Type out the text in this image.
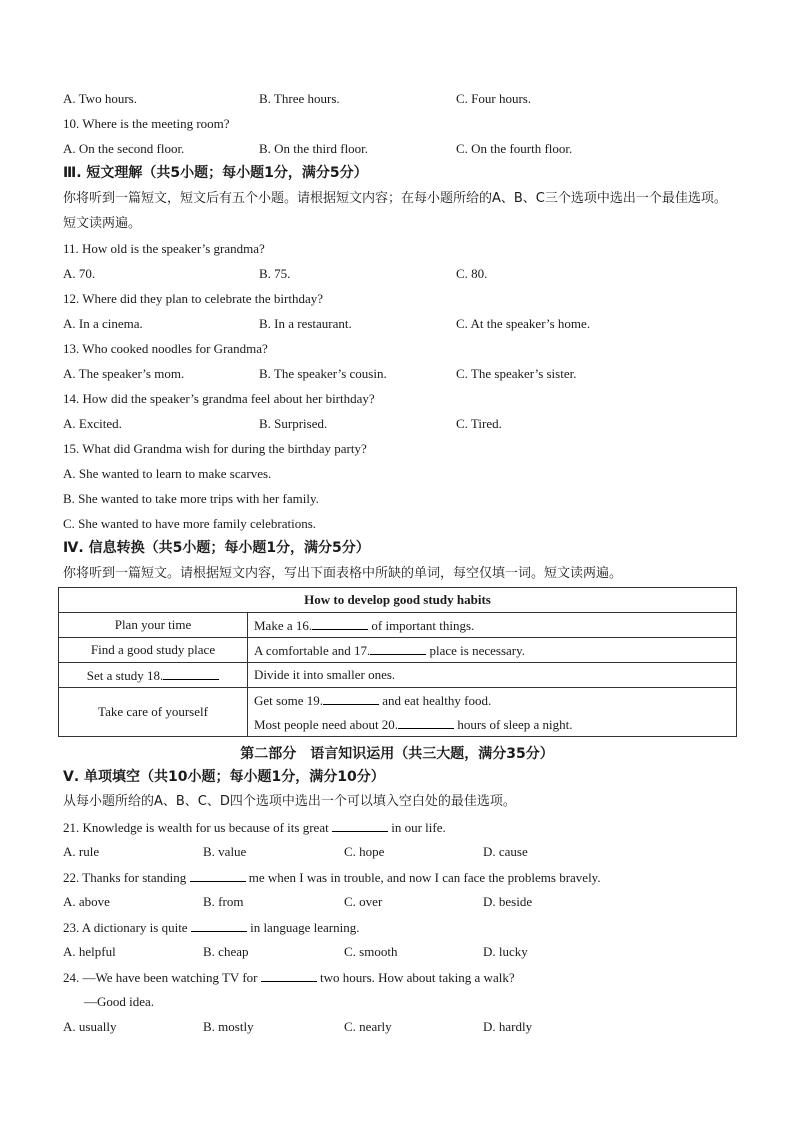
A. Two hours.	B. Three hours.	C. Four hours.
10. Where is the meeting room?
A. On the second floor.	B. On the third floor.	C. On the fourth floor.
Ⅲ. 短文理解（共5小题；每小题1分，满分5分）
你将听到一篇短文，短文后有五个小题。请根据短文内容；在每小题所给的A、B、C三个选项中选出一个最佳选项。短文读两遍。
11. How old is the speaker’s grandma?
A. 70.	B. 75.	C. 80.
12. Where did they plan to celebrate the birthday?
A. In a cinema.	B. In a restaurant.	C. At the speaker’s home.
13. Who cooked noodles for Grandma?
A. The speaker’s mom.	B. The speaker’s cousin.	C. The speaker’s sister.
14. How did the speaker’s grandma feel about her birthday?
A. Excited.	B. Surprised.	C. Tired.
15. What did Grandma wish for during the birthday party?
A. She wanted to learn to make scarves.
B. She wanted to take more trips with her family.
C. She wanted to have more family celebrations.
Ⅳ. 信息转换（共5小题；每小题1分，满分5分）
你将听到一篇短文。请根据短文内容，写出下面表格中所缺的单词，每空仅填一词。短文读两遍。
How to develop good study habits	
Plan your time	Make a 16. of important things.
Find a good study place	A comfortable and 17. place is necessary.
Set a study 18.	Divide it into smaller ones.
Take care of yourself	Get some 19. and eat healthy food.
	Most people need about 20. hours of sleep a night.
第二部分　语言知识运用（共三大题，满分35分）
Ⅴ. 单项填空（共10小题；每小题1分，满分10分）
从每小题所给的A、B、C、D四个选项中选出一个可以填入空白处的最佳选项。
21. Knowledge is wealth for us because of its great	in our life.
A. rule	B. value	C. hope	D. cause
22. Thanks for standing	me when I was in trouble, and now I can face the problems bravely.
A. above	B. from	C. over	D. beside
23. A dictionary is quite	in language learning.
A. helpful	B. cheap	C. smooth	D. lucky
24. —We have been watching TV for	two hours. How about taking a walk?
—Good idea.
A. usually	B. mostly	C. nearly	D. hardly
